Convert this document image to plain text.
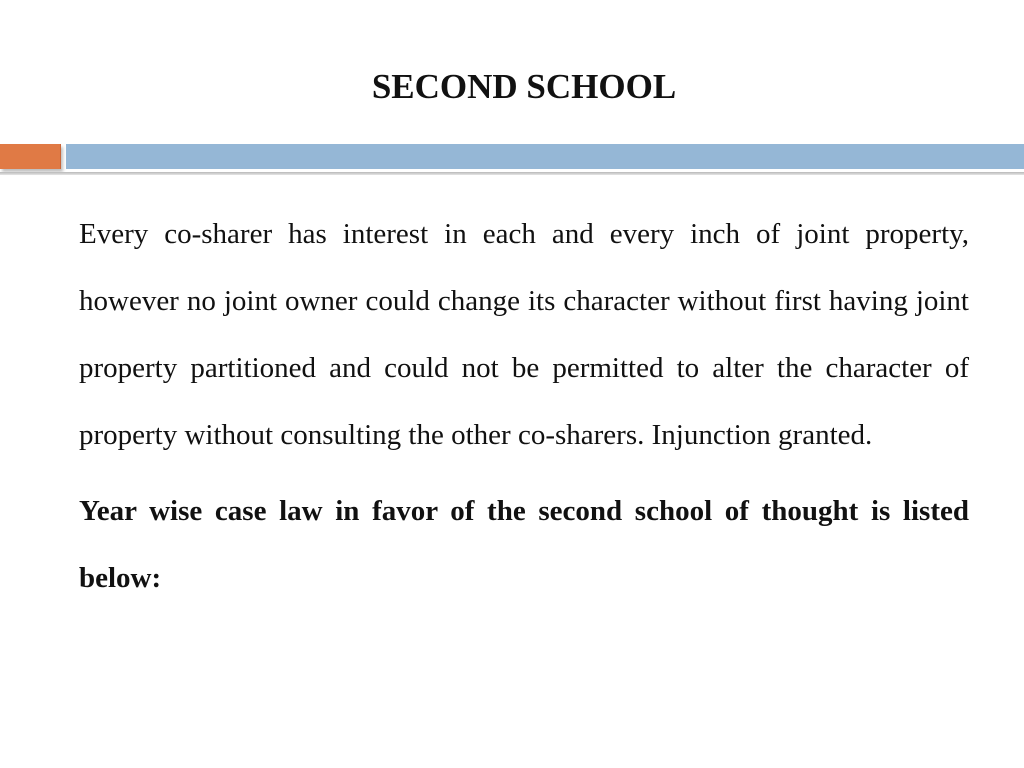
SECOND SCHOOL

Every co-sharer has interest in each and every inch of joint property, however no joint owner could change its character without first having joint property partitioned and could not be permitted to alter the character of property without consulting the other co-sharers. Injunction granted.

Year wise case law in favor of the second school of thought is listed below:
